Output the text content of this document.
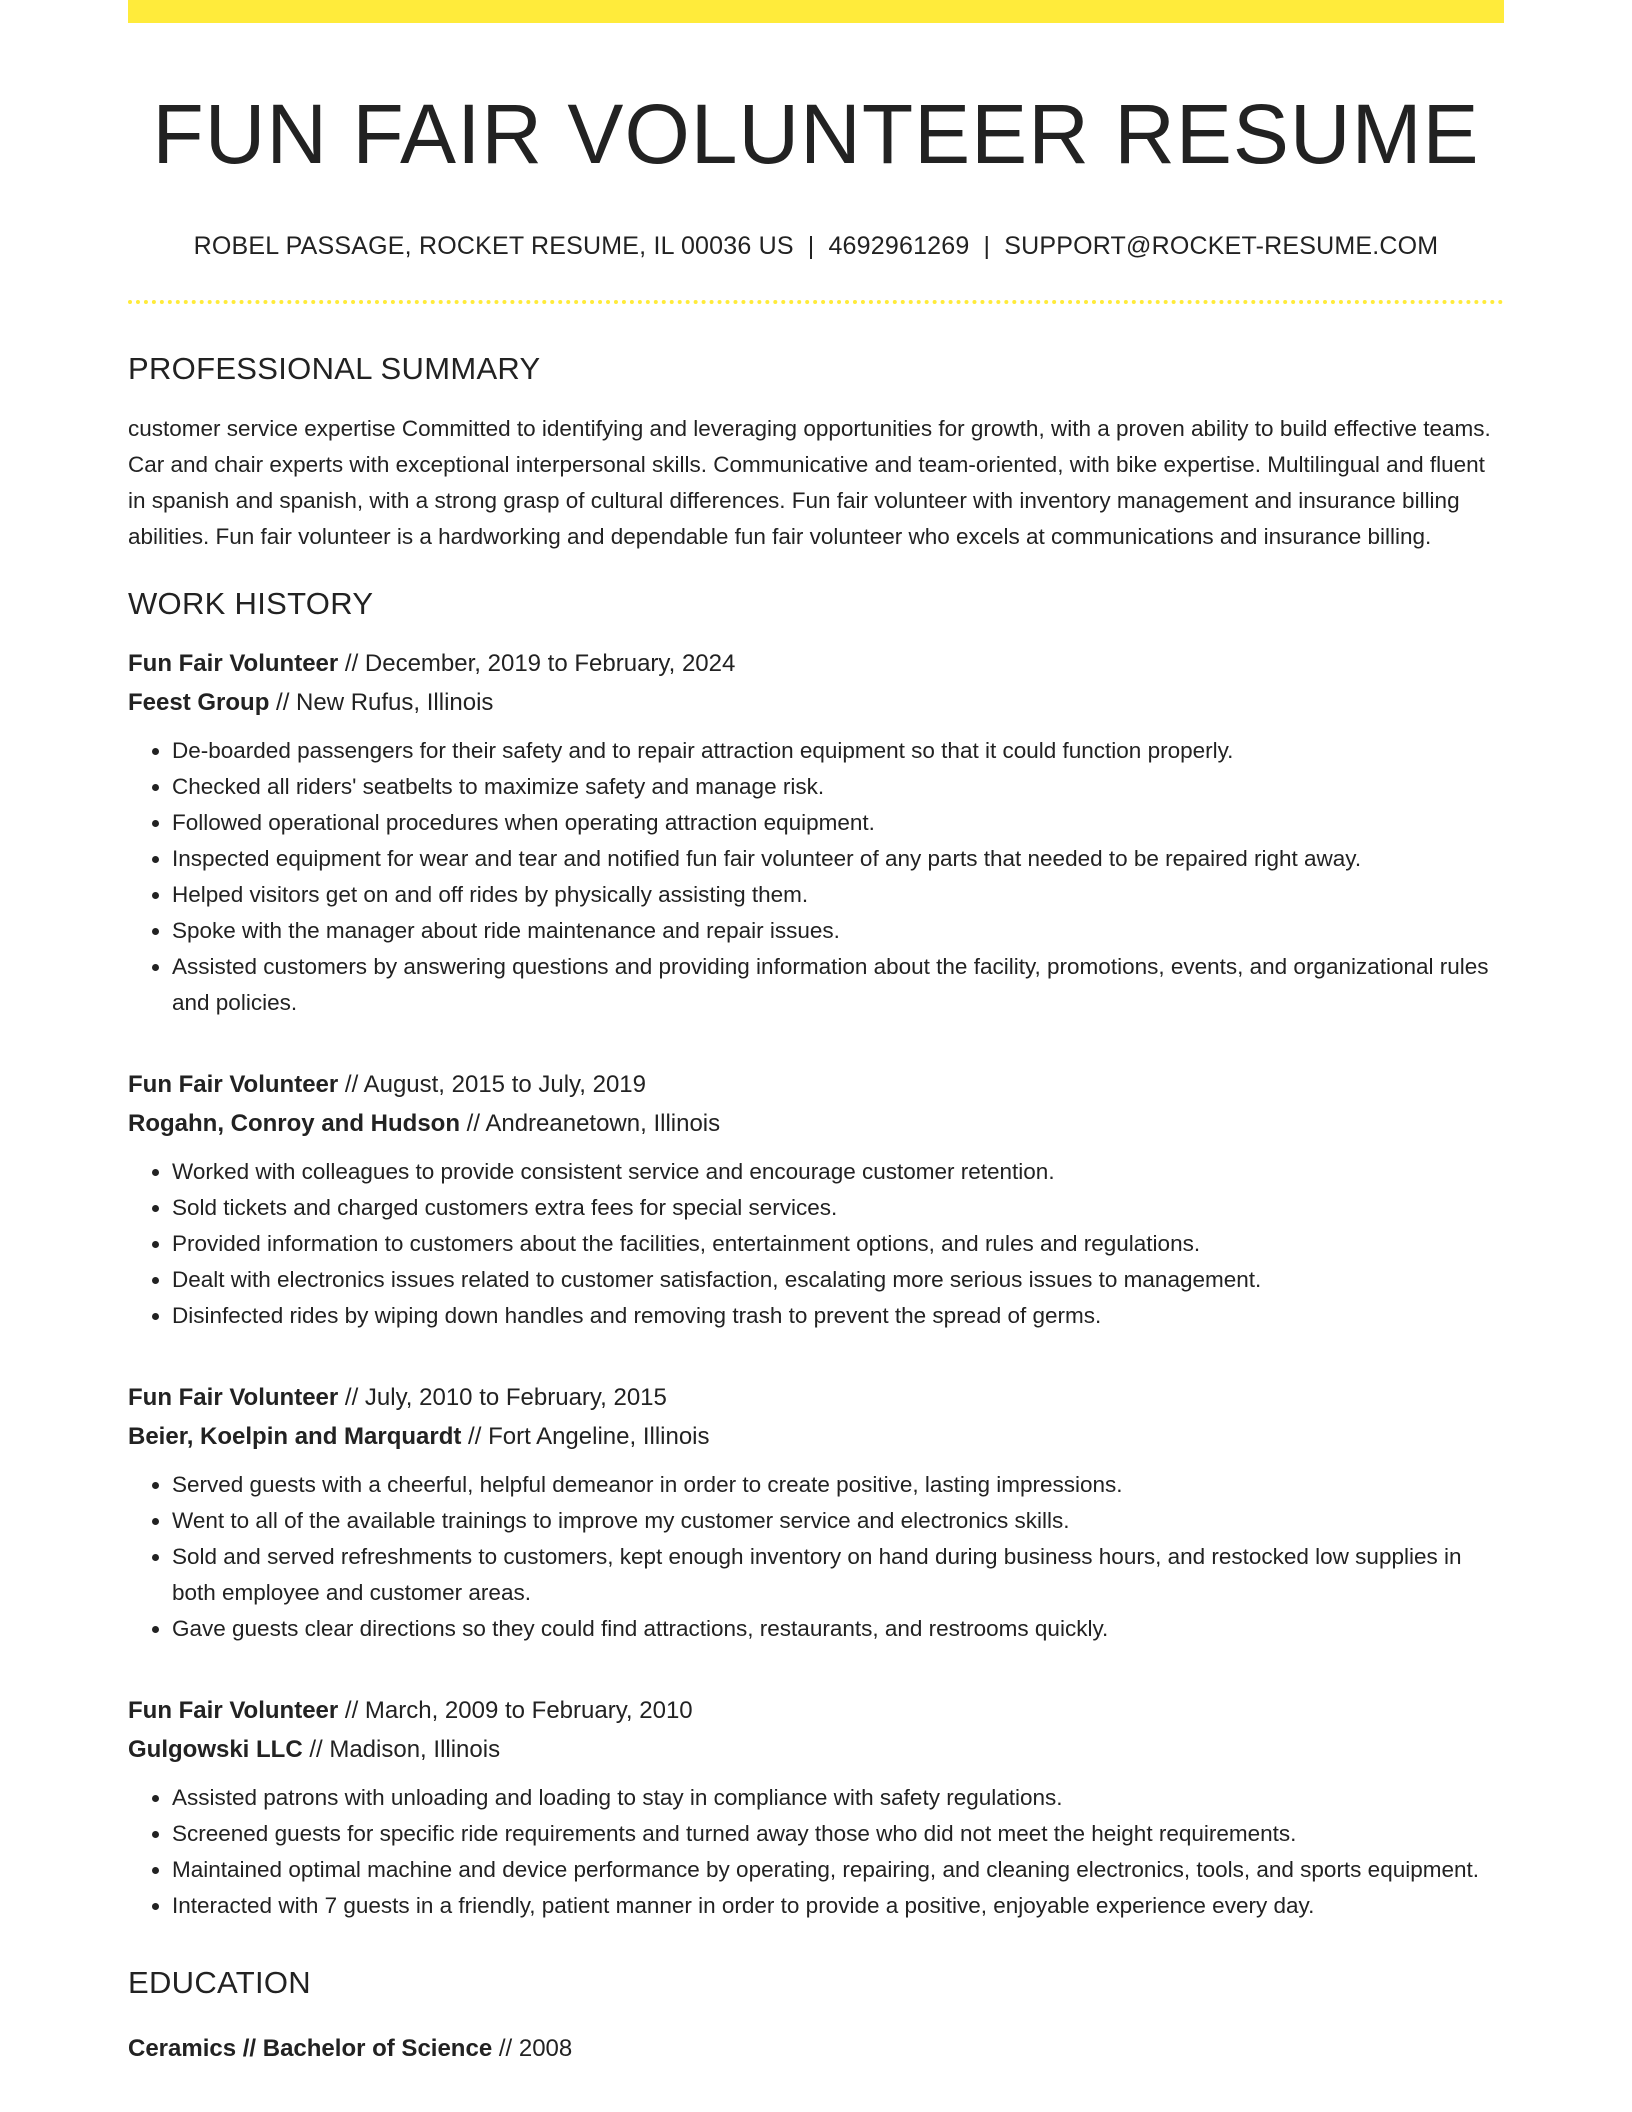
FUN FAIR VOLUNTEER RESUME
ROBEL PASSAGE, ROCKET RESUME, IL 00036 US | 4692961269 | SUPPORT@ROCKET-RESUME.COM
PROFESSIONAL SUMMARY
customer service expertise Committed to identifying and leveraging opportunities for growth, with a proven ability to build effective teams. Car and chair experts with exceptional interpersonal skills. Communicative and team-oriented, with bike expertise. Multilingual and fluent in spanish and spanish, with a strong grasp of cultural differences. Fun fair volunteer with inventory management and insurance billing abilities. Fun fair volunteer is a hardworking and dependable fun fair volunteer who excels at communications and insurance billing.
WORK HISTORY
Fun Fair Volunteer // December, 2019 to February, 2024
Feest Group // New Rufus, Illinois
• De-boarded passengers for their safety and to repair attraction equipment so that it could function properly.
• Checked all riders' seatbelts to maximize safety and manage risk.
• Followed operational procedures when operating attraction equipment.
• Inspected equipment for wear and tear and notified fun fair volunteer of any parts that needed to be repaired right away.
• Helped visitors get on and off rides by physically assisting them.
• Spoke with the manager about ride maintenance and repair issues.
• Assisted customers by answering questions and providing information about the facility, promotions, events, and organizational rules and policies.
Fun Fair Volunteer // August, 2015 to July, 2019
Rogahn, Conroy and Hudson // Andreanetown, Illinois
• Worked with colleagues to provide consistent service and encourage customer retention.
• Sold tickets and charged customers extra fees for special services.
• Provided information to customers about the facilities, entertainment options, and rules and regulations.
• Dealt with electronics issues related to customer satisfaction, escalating more serious issues to management.
• Disinfected rides by wiping down handles and removing trash to prevent the spread of germs.
Fun Fair Volunteer // July, 2010 to February, 2015
Beier, Koelpin and Marquardt // Fort Angeline, Illinois
• Served guests with a cheerful, helpful demeanor in order to create positive, lasting impressions.
• Went to all of the available trainings to improve my customer service and electronics skills.
• Sold and served refreshments to customers, kept enough inventory on hand during business hours, and restocked low supplies in both employee and customer areas.
• Gave guests clear directions so they could find attractions, restaurants, and restrooms quickly.
Fun Fair Volunteer // March, 2009 to February, 2010
Gulgowski LLC // Madison, Illinois
• Assisted patrons with unloading and loading to stay in compliance with safety regulations.
• Screened guests for specific ride requirements and turned away those who did not meet the height requirements.
• Maintained optimal machine and device performance by operating, repairing, and cleaning electronics, tools, and sports equipment.
• Interacted with 7 guests in a friendly, patient manner in order to provide a positive, enjoyable experience every day.
EDUCATION
Ceramics // Bachelor of Science // 2008
